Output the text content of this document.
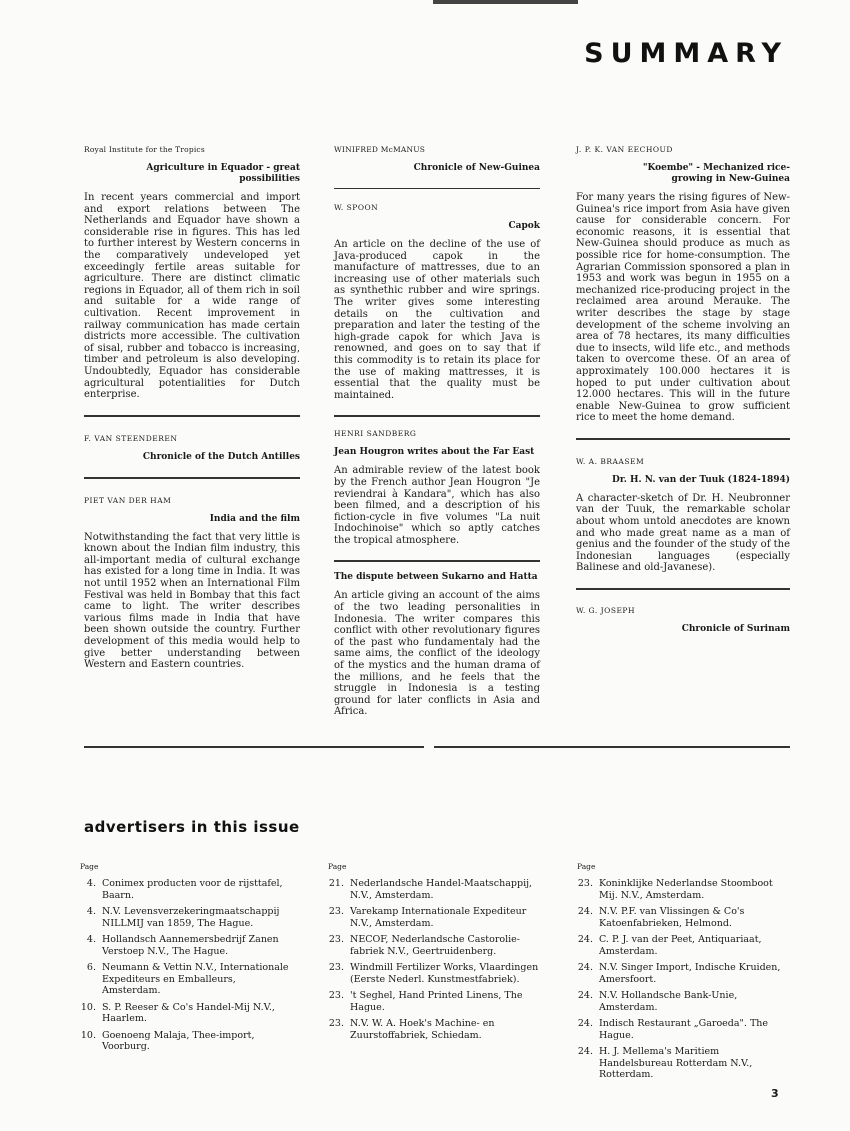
SUMMARY
Royal Institute for the Tropics
Agriculture in Equador - great possibilities
In recent years commercial and import and export relations between The Netherlands and Equador have shown a considerable rise in figures. This has led to further interest by Western concerns in the comparatively undeveloped yet exceedingly fertile areas suitable for agriculture. There are distinct climatic regions in Equador, all of them rich in soil and suitable for a wide range of cultivation. Recent improvement in railway communication has made certain districts more accessible. The cultivation of sisal, rubber and tobacco is increasing, timber and petroleum is also developing. Undoubtedly, Equador has considerable agricultural potentialities for Dutch enterprise.
F. VAN STEENDEREN
Chronicle of the Dutch Antilles
PIET VAN DER HAM
India and the film
Notwithstanding the fact that very little is known about the Indian film industry, this all-important media of cultural exchange has existed for a long time in India. It was not until 1952 when an International Film Festival was held in Bombay that this fact came to light. The writer describes various films made in India that have been shown outside the country. Further development of this media would help to give better understanding between Western and Eastern countries.
WINIFRED McMANUS
Chronicle of New-Guinea
W. SPOON
Capok
An article on the decline of the use of Java-produced capok in the manufacture of mattresses, due to an increasing use of other materials such as synthethic rubber and wire springs. The writer gives some interesting details on the cultivation and preparation and later the testing of the high-grade capok for which Java is renowned, and goes on to say that if this commodity is to retain its place for the use of making mattresses, it is essential that the quality must be maintained.
HENRI SANDBERG
Jean Hougron writes about the Far East
An admirable review of the latest book by the French author Jean Hougron "Je reviendrai à Kandara", which has also been filmed, and a description of his fiction-cycle in five volumes "La nuit Indochinoise" which so aptly catches the tropical atmosphere.
The dispute between Sukarno and Hatta
An article giving an account of the aims of the two leading personalities in Indonesia. The writer compares this conflict with other revolutionary figures of the past who fundamentaly had the same aims, the conflict of the ideology of the mystics and the human drama of the millions, and he feels that the struggle in Indonesia is a testing ground for later conflicts in Asia and Africa.
J. P. K. VAN EECHOUD
"Koembe" - Mechanized rice-growing in New-Guinea
For many years the rising figures of New-Guinea's rice import from Asia have given cause for considerable concern. For economic reasons, it is essential that New-Guinea should produce as much as possible rice for home-consumption. The Agrarian Commission sponsored a plan in 1953 and work was begun in 1955 on a mechanized rice-producing project in the reclaimed area around Merauke. The writer describes the stage by stage development of the scheme involving an area of 78 hectares, its many difficulties due to insects, wild life etc., and methods taken to overcome these. Of an area of approximately 100.000 hectares it is hoped to put under cultivation about 12.000 hectares. This will in the future enable New-Guinea to grow sufficient rice to meet the home demand.
W. A. BRAASEM
Dr. H. N. van der Tuuk (1824-1894)
A character-sketch of Dr. H. Neubronner van der Tuuk, the remarkable scholar about whom untold anecdotes are known and who made great name as a man of genius and the founder of the study of the Indonesian languages (especially Balinese and old-Javanese).
W. G. JOSEPH
Chronicle of Surinam
advertisers in this issue
Page
4. Conimex producten voor de rijsttafel, Baarn.
4. N.V. Levensverzekeringmaatschappij NILLMIJ van 1859, The Hague.
4. Hollandsch Aannemersbedrijf Zanen Verstoep N.V., The Hague.
6. Neumann & Vettin N.V., Internationale Expediteurs en Emballeurs, Amsterdam.
10. S. P. Reeser & Co's Handel-Mij N.V., Haarlem.
10. Goenoeng Malaja, Thee-import, Voorburg.
Page
21. Nederlandsche Handel-Maatschappij, N.V., Amsterdam.
23. Varekamp Internationale Expediteur N.V., Amsterdam.
23. NECOF, Nederlandsche Castorolie-fabriek N.V., Geertruidenberg.
23. Windmill Fertilizer Works, Vlaardingen (Eerste Nederl. Kunstmestfabriek).
23. 't Seghel, Hand Printed Linens, The Hague.
23. N.V. W. A. Hoek's Machine- en Zuurstoffabriek, Schiedam.
Page
23. Koninklijke Nederlandse Stoomboot Mij. N.V., Amsterdam.
24. N.V. P.F. van Vlissingen & Co's Katoenfabrieken, Helmond.
24. C. P. J. van der Peet, Antiquariaat, Amsterdam.
24. N.V. Singer Import, Indische Kruiden, Amersfoort.
24. N.V. Hollandsche Bank-Unie, Amsterdam.
24. Indisch Restaurant „Garoeda". The Hague.
24. H. J. Mellema's Maritiem Handelsbureau Rotterdam N.V., Rotterdam.
3
